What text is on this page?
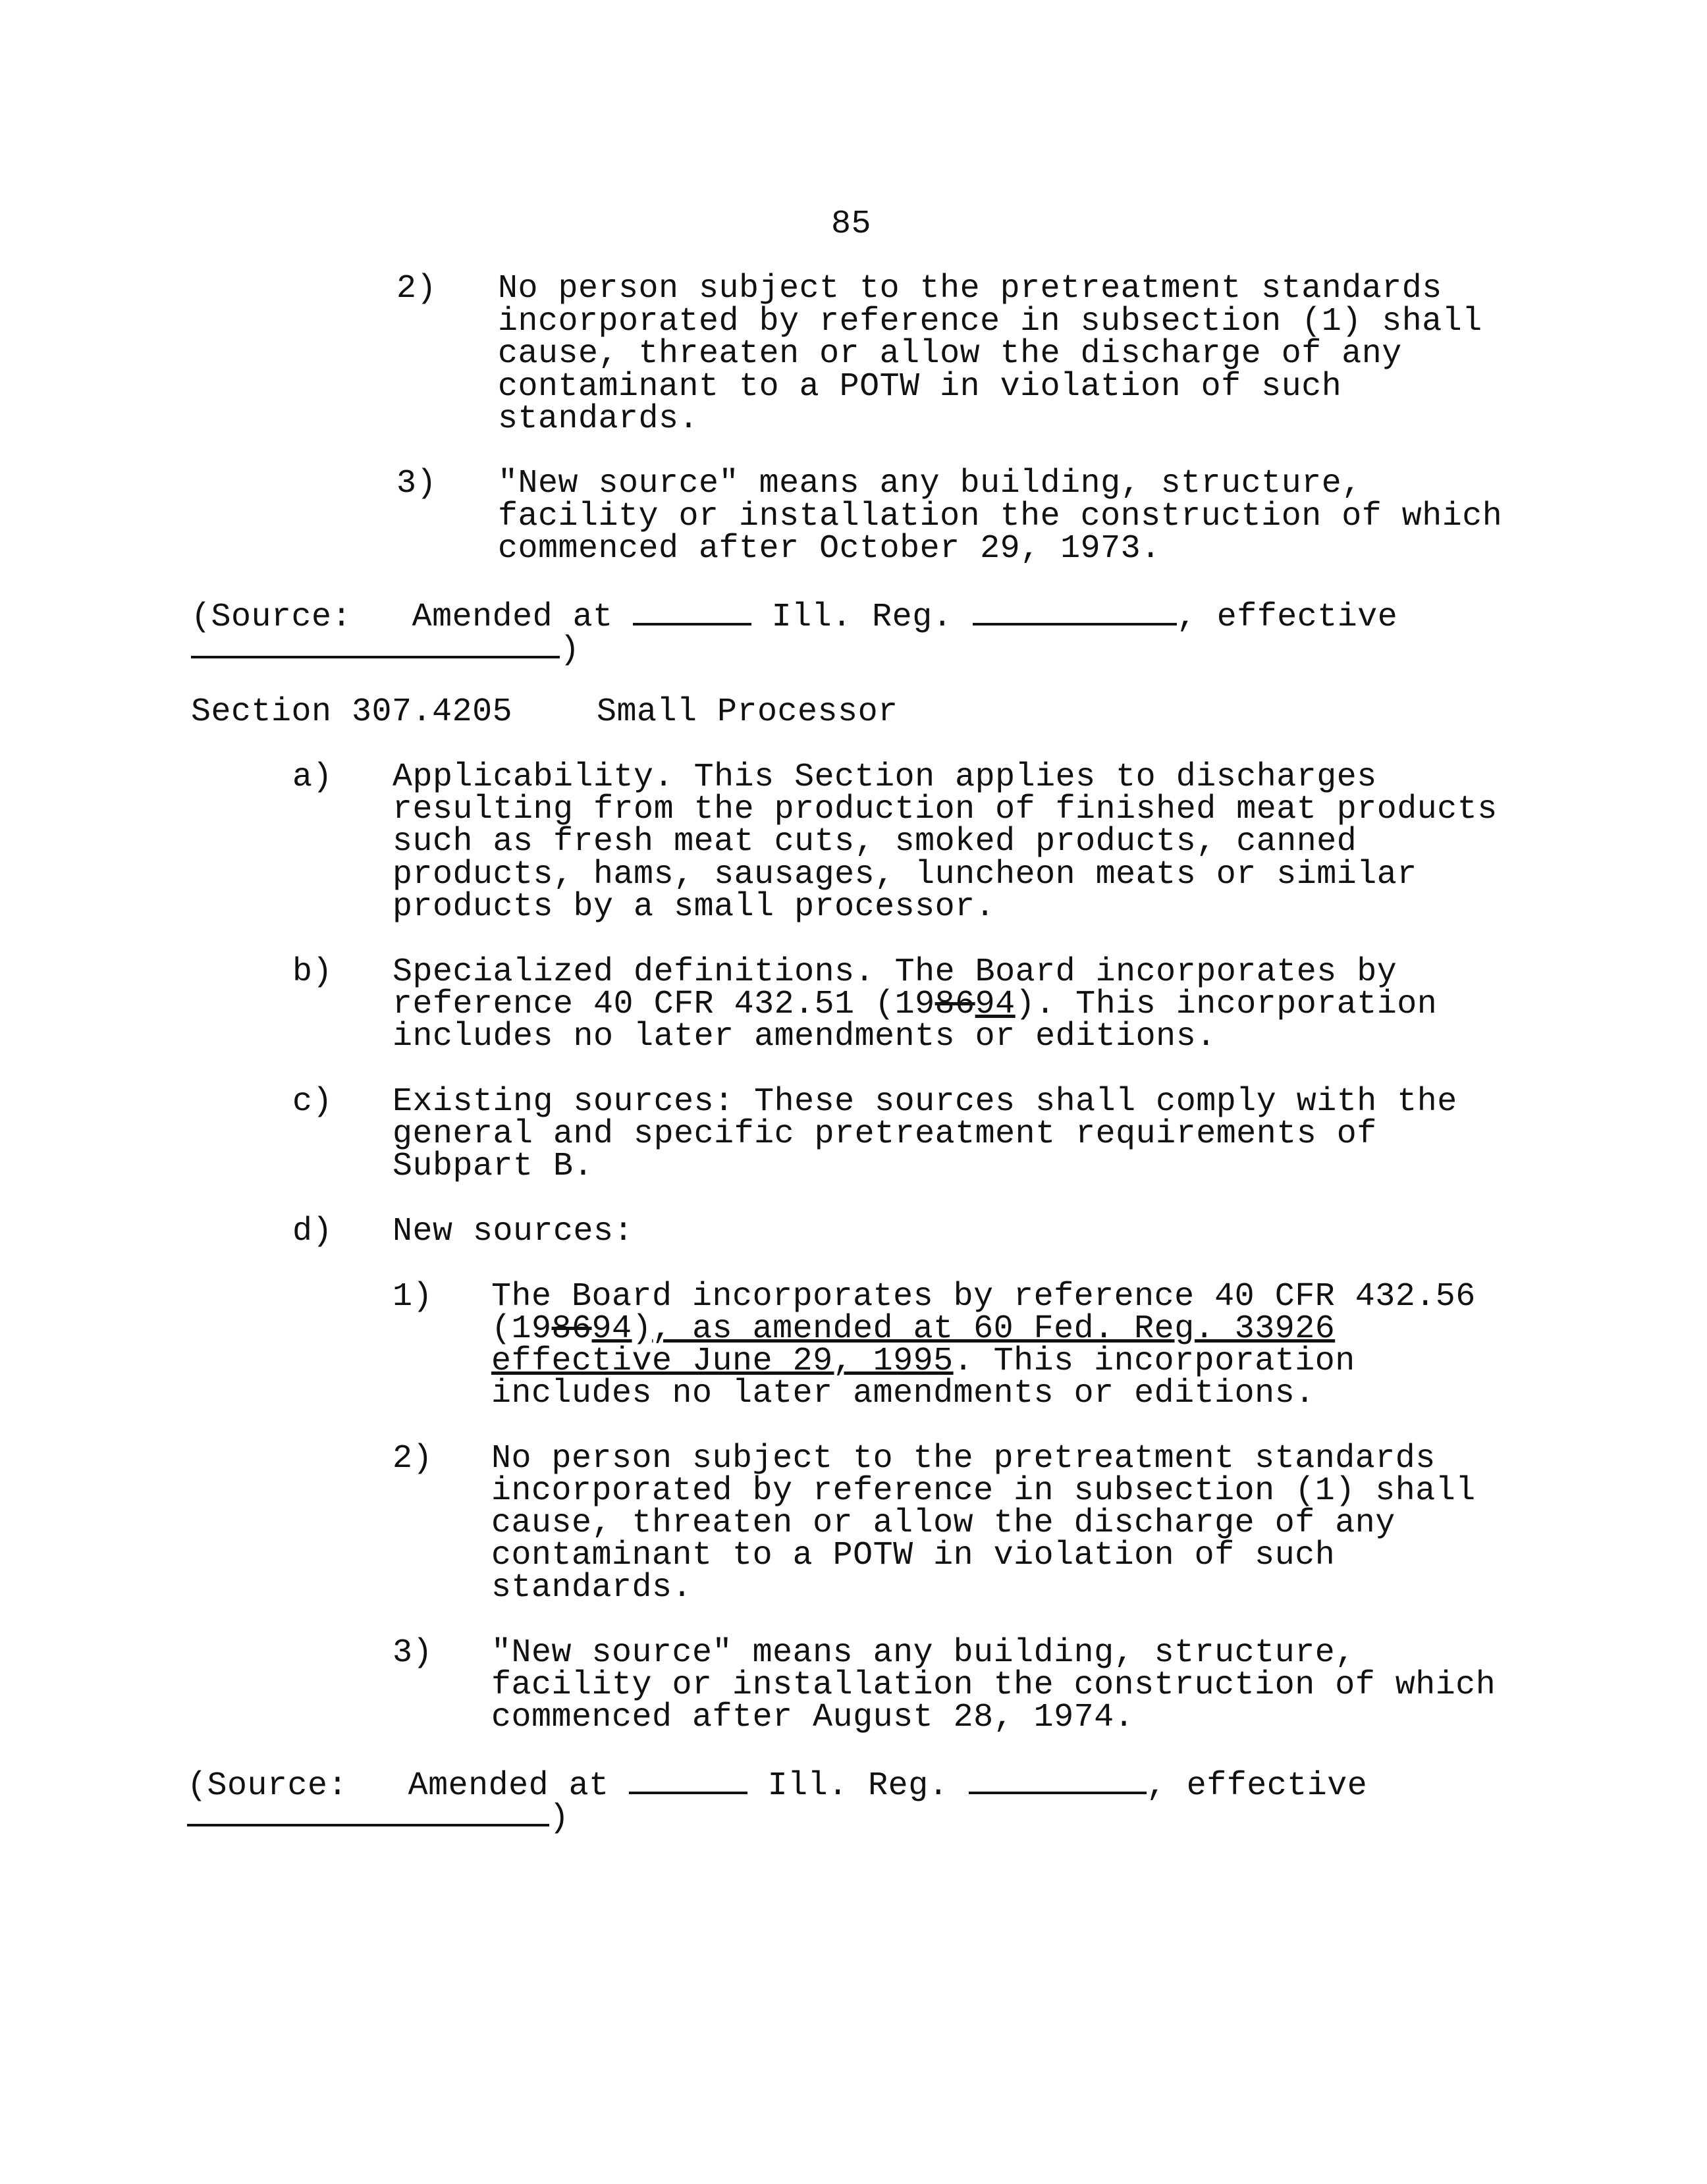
85
2) No person subject to the pretreatment standards
incorporated by reference in subsection (1) shall
cause, threaten or allow the discharge of any
contaminant to a POTW in violation of such
standards.
3) "New source" means any building, structure,
facility or installation the construction of which
commenced after October 29, 1973.
(Source: Amended at	Ill. Reg.	, effective
)
Section 307.4205	Small Processor
a) Applicability. This Section applies to discharges
resulting from the production of finished meat products
such as fresh meat cuts, smoked products, canned
products, hams, sausages, luncheon meats or similar
products by a small processor.
b) Specialized definitions. The Board incorporates by
reference 40 CFR 432.51 (198694). This incorporation
includes no later amendments or editions.
c) Existing sources: These sources shall comply with the
general and specific pretreatment requirements of
Subpart B.
d) New sources:
1) The Board incorporates by reference 40 CFR 432.56
(198694), as amended at 60 Fed. Reg. 33926
effective June 29, 1995. This incorporation
includes no later amendments or editions.
2) No person subject to the pretreatment standards
incorporated by reference in subsection (1) shall
cause, threaten or allow the discharge of any
contaminant to a POTW in violation of such
standards.
3) "New source" means any building, structure,
facility or installation the construction of which
commenced after August 28, 1974.
(Source: Amended at	Ill. Reg.	, effective
)
